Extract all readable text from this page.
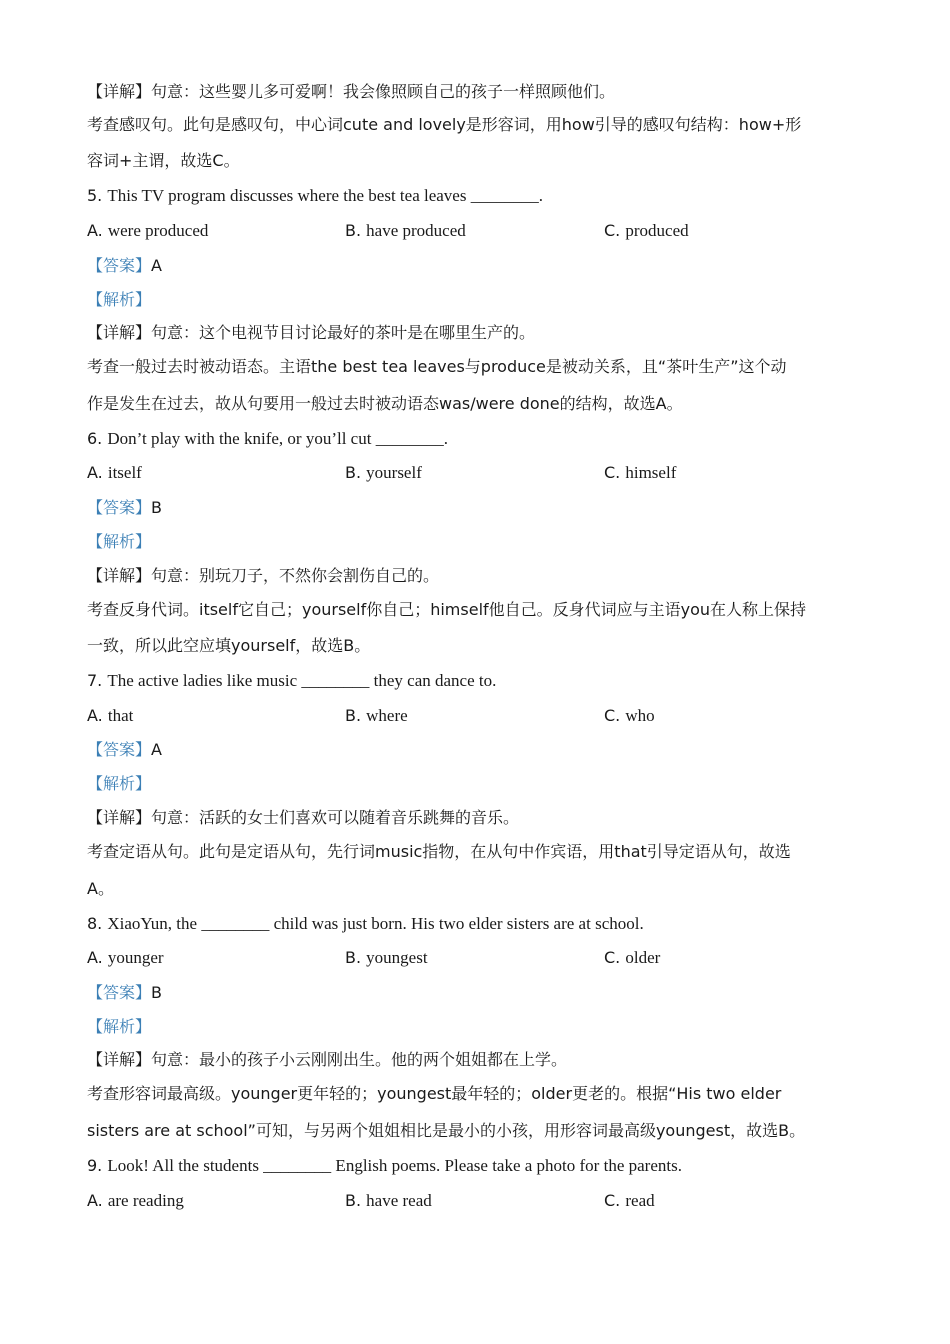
【详解】句意：这些婴儿多可爱啊！我会像照顾自己的孩子一样照顾他们。
考查感叹句。此句是感叹句，中心词cute and lovely是形容词，用how引导的感叹句结构：how+形
容词+主谓，故选C。
5. This TV program discusses where the best tea leaves ________.
A. were produced	B. have produced	C. produced
【答案】A
【解析】
【详解】句意：这个电视节目讨论最好的茶叶是在哪里生产的。
考查一般过去时被动语态。主语the best tea leaves与produce是被动关系，且“茶叶生产”这个动
作是发生在过去，故从句要用一般过去时被动语态was/were done的结构，故选A。
6. Don’t play with the knife, or you’ll cut ________.
A. itself	B. yourself	C. himself
【答案】B
【解析】
【详解】句意：别玩刀子，不然你会割伤自己的。
考查反身代词。itself它自己；yourself你自己；himself他自己。反身代词应与主语you在人称上保持
一致，所以此空应填yourself，故选B。
7. The active ladies like music ________ they can dance to.
A. that	B. where	C. who
【答案】A
【解析】
【详解】句意：活跃的女士们喜欢可以随着音乐跳舞的音乐。
考查定语从句。此句是定语从句，先行词music指物，在从句中作宾语，用that引导定语从句，故选
A。
8. XiaoYun, the ________ child was just born. His two elder sisters are at school.
A. younger	B. youngest	C. older
【答案】B
【解析】
【详解】句意：最小的孩子小云刚刚出生。他的两个姐姐都在上学。
考查形容词最高级。younger更年轻的；youngest最年轻的；older更老的。根据“His two elder
sisters are at school”可知，与另两个姐姐相比是最小的小孩，用形容词最高级youngest，故选B。
9. Look! All the students ________ English poems. Please take a photo for the parents.
A. are reading	B. have read	C. read
